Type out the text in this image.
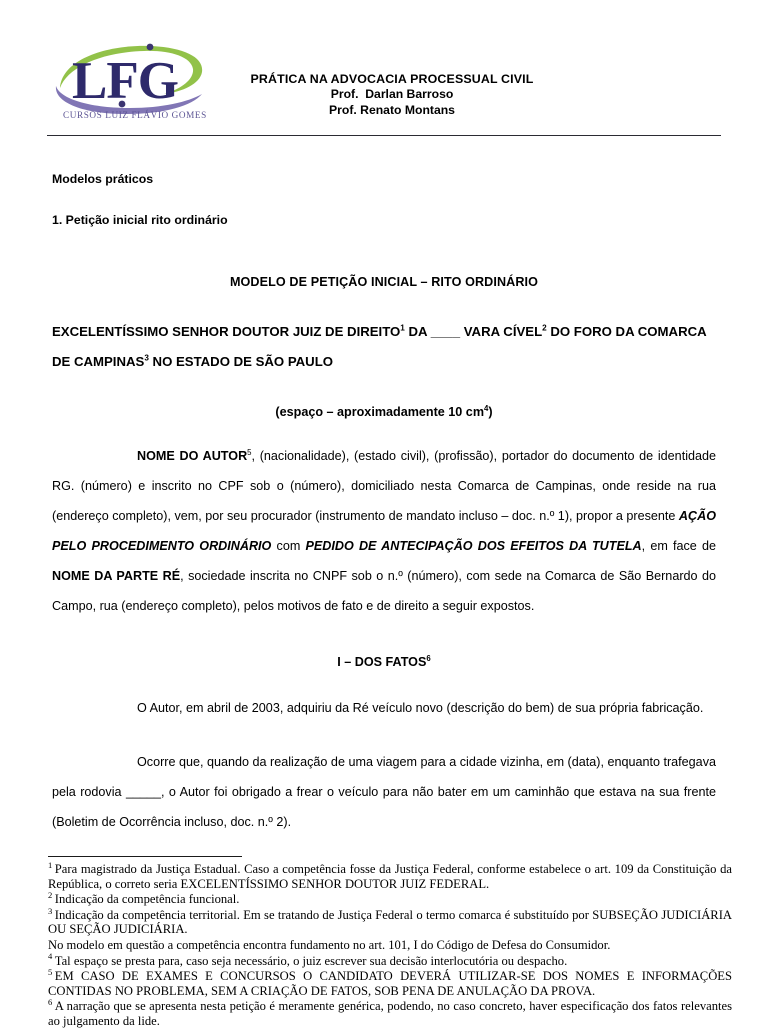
LFG
CURSOS LUIZ FLÁVIO GOMES
PRÁTICA NA ADVOCACIA PROCESSUAL CIVIL
Prof.  Darlan Barroso
Prof. Renato Montans

Modelos práticos

1. Petição inicial rito ordinário

MODELO DE PETIÇÃO INICIAL – RITO ORDINÁRIO

EXCELENTÍSSIMO SENHOR DOUTOR JUIZ DE DIREITO$^1$ DA ____ VARA CÍVEL$^2$ DO FORO DA COMARCA DE CAMPINAS$^3$ NO ESTADO DE SÃO PAULO

(espaço – aproximadamente 10 $cm^4$)

NOME DO AUTOR$^5$, (nacionalidade), (estado civil), (profissão), portador do documento de identidade RG. (número) e inscrito no CPF sob o (número), domiciliado nesta Comarca de Campinas, onde reside na rua (endereço completo), vem, por seu procurador (instrumento de mandato incluso – doc. n.º 1), propor a presente AÇÃO PELO PROCEDIMENTO ORDINÁRIO com PEDIDO DE ANTECIPAÇÃO DOS EFEITOS DA TUTELA, em face de NOME DA PARTE RÉ, sociedade inscrita no CNPF sob o n.º (número), com sede na Comarca de São Bernardo do Campo, rua (endereço completo), pelos motivos de fato e de direito a seguir expostos.

I – DOS FATOS$^6$

O Autor, em abril de 2003, adquiriu da Ré veículo novo (descrição do bem) de sua própria fabricação.

Ocorre que, quando da realização de uma viagem para a cidade vizinha, em (data), enquanto trafegava pela rodovia _____, o Autor foi obrigado a frear o veículo para não bater em um caminhão que estava na sua frente (Boletim de Ocorrência incluso, doc. n.º 2).

$^1$ Para magistrado da Justiça Estadual. Caso a competência fosse da Justiça Federal, conforme estabelece o art. 109 da Constituição da República, o correto seria EXCELENTÍSSIMO SENHOR DOUTOR JUIZ FEDERAL.

$^2$ Indicação da competência funcional.

$^3$ Indicação da competência territorial. Em se tratando de Justiça Federal o termo comarca é substituído por SUBSEÇÃO JUDICIÁRIA OU SEÇÃO JUDICIÁRIA.

No modelo em questão a competência encontra fundamento no art. 101, I do Código de Defesa do Consumidor.

$^4$ Tal espaço se presta para, caso seja necessário, o juiz escrever sua decisão interlocutória ou despacho.

$^5$ EM CASO DE EXAMES E CONCURSOS O CANDIDATO DEVERÁ UTILIZAR-SE DOS NOMES E INFORMAÇÕES CONTIDAS NO PROBLEMA, SEM A CRIAÇÃO DE FATOS, SOB PENA DE ANULAÇÃO DA PROVA.

$^6$ A narração que se apresenta nesta petição é meramente genérica, podendo, no caso concreto, haver especificação dos fatos relevantes ao julgamento da lide.
